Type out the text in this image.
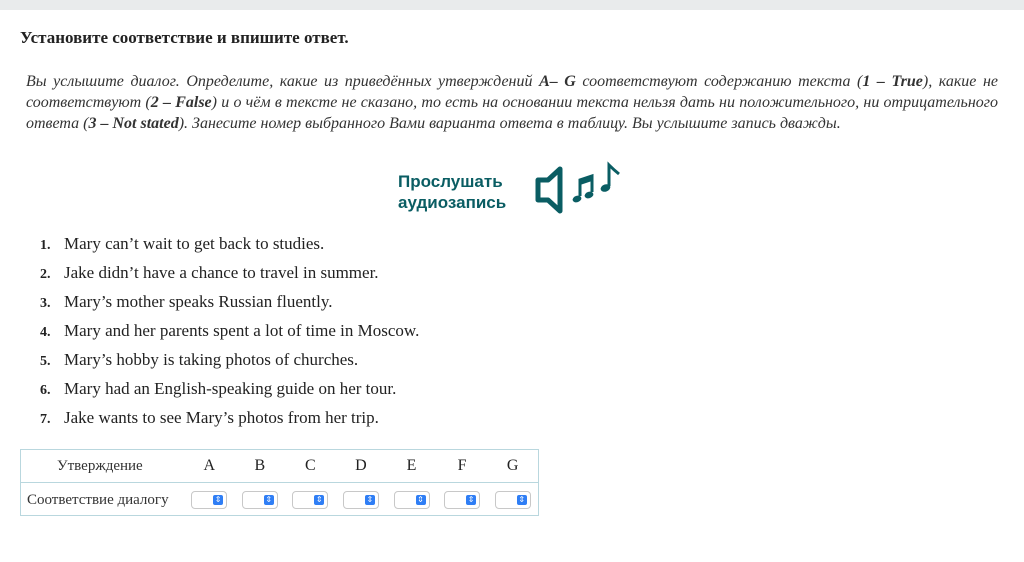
Установите соответствие и впишите ответ.
Вы услышите диалог. Определите, какие из приведённых утверждений A– G соответствуют содержанию текста (1 – True), какие не соответствуют (2 – False) и о чём в тексте не сказано, то есть на основании текста нельзя дать ни положительного, ни отрицательного ответа (3 – Not stated). Занесите номер выбранного Вами варианта ответа в таблицу. Вы услышите запись дважды.
Прослушать
аудиозапись
1. Mary can’t wait to get back to studies.
2. Jake didn’t have a chance to travel in summer.
3. Mary’s mother speaks Russian fluently.
4. Mary and her parents spent a lot of time in Moscow.
5. Mary’s hobby is taking photos of churches.
6. Mary had an English-speaking guide on her tour.
7. Jake wants to see Mary’s photos from her trip.
Утверждение	A	B	C	D	E	F	G
Соответствие диалогу	⇕	⇕	⇕	⇕	⇕	⇕	⇕
